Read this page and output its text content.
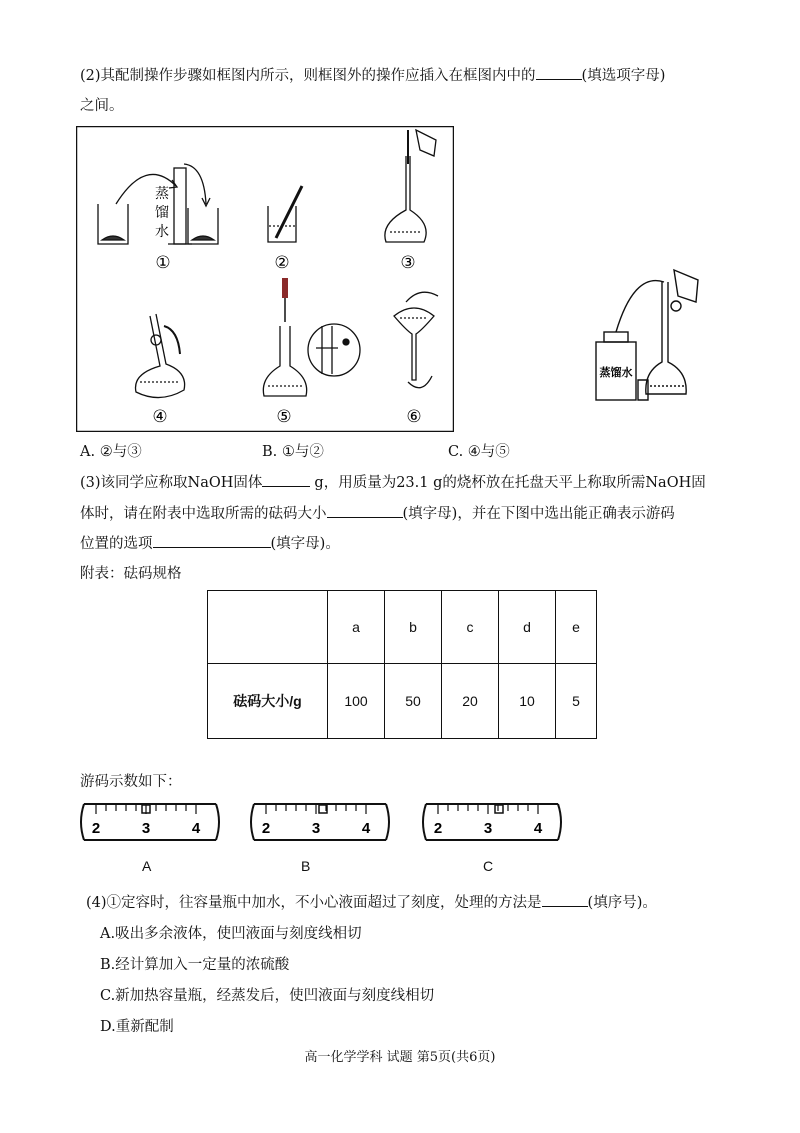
(2)其配制操作步骤如框图内所示，则框图外的操作应插入在框图内中的	(填选项字母)
之间。
蒸
馏
水
①	②	③
④	⑤	⑥
蒸馏水
A. ②与③	B. ①与②	C. ④与⑤
(3)该同学应称取NaOH固体	g，用质量为23.1 g的烧杯放在托盘天平上称取所需NaOH固
体时，请在附表中选取所需的砝码大小	(填字母)，并在下图中选出能正确表示游码
位置的选项	(填字母)。
附表：砝码规格
	a	b	c	d	e
砝码大小/g	100	50	20	10	5
游码示数如下：
2	3	4
A
2	3	4
B
2	3	4
C
(4)①定容时，往容量瓶中加水，不小心液面超过了刻度，处理的方法是	(填序号)。
A.吸出多余液体，使凹液面与刻度线相切
B.经计算加入一定量的浓硫酸
C.新加热容量瓶，经蒸发后，使凹液面与刻度线相切
D.重新配制
高一化学学科 试题 第5页(共6页)
